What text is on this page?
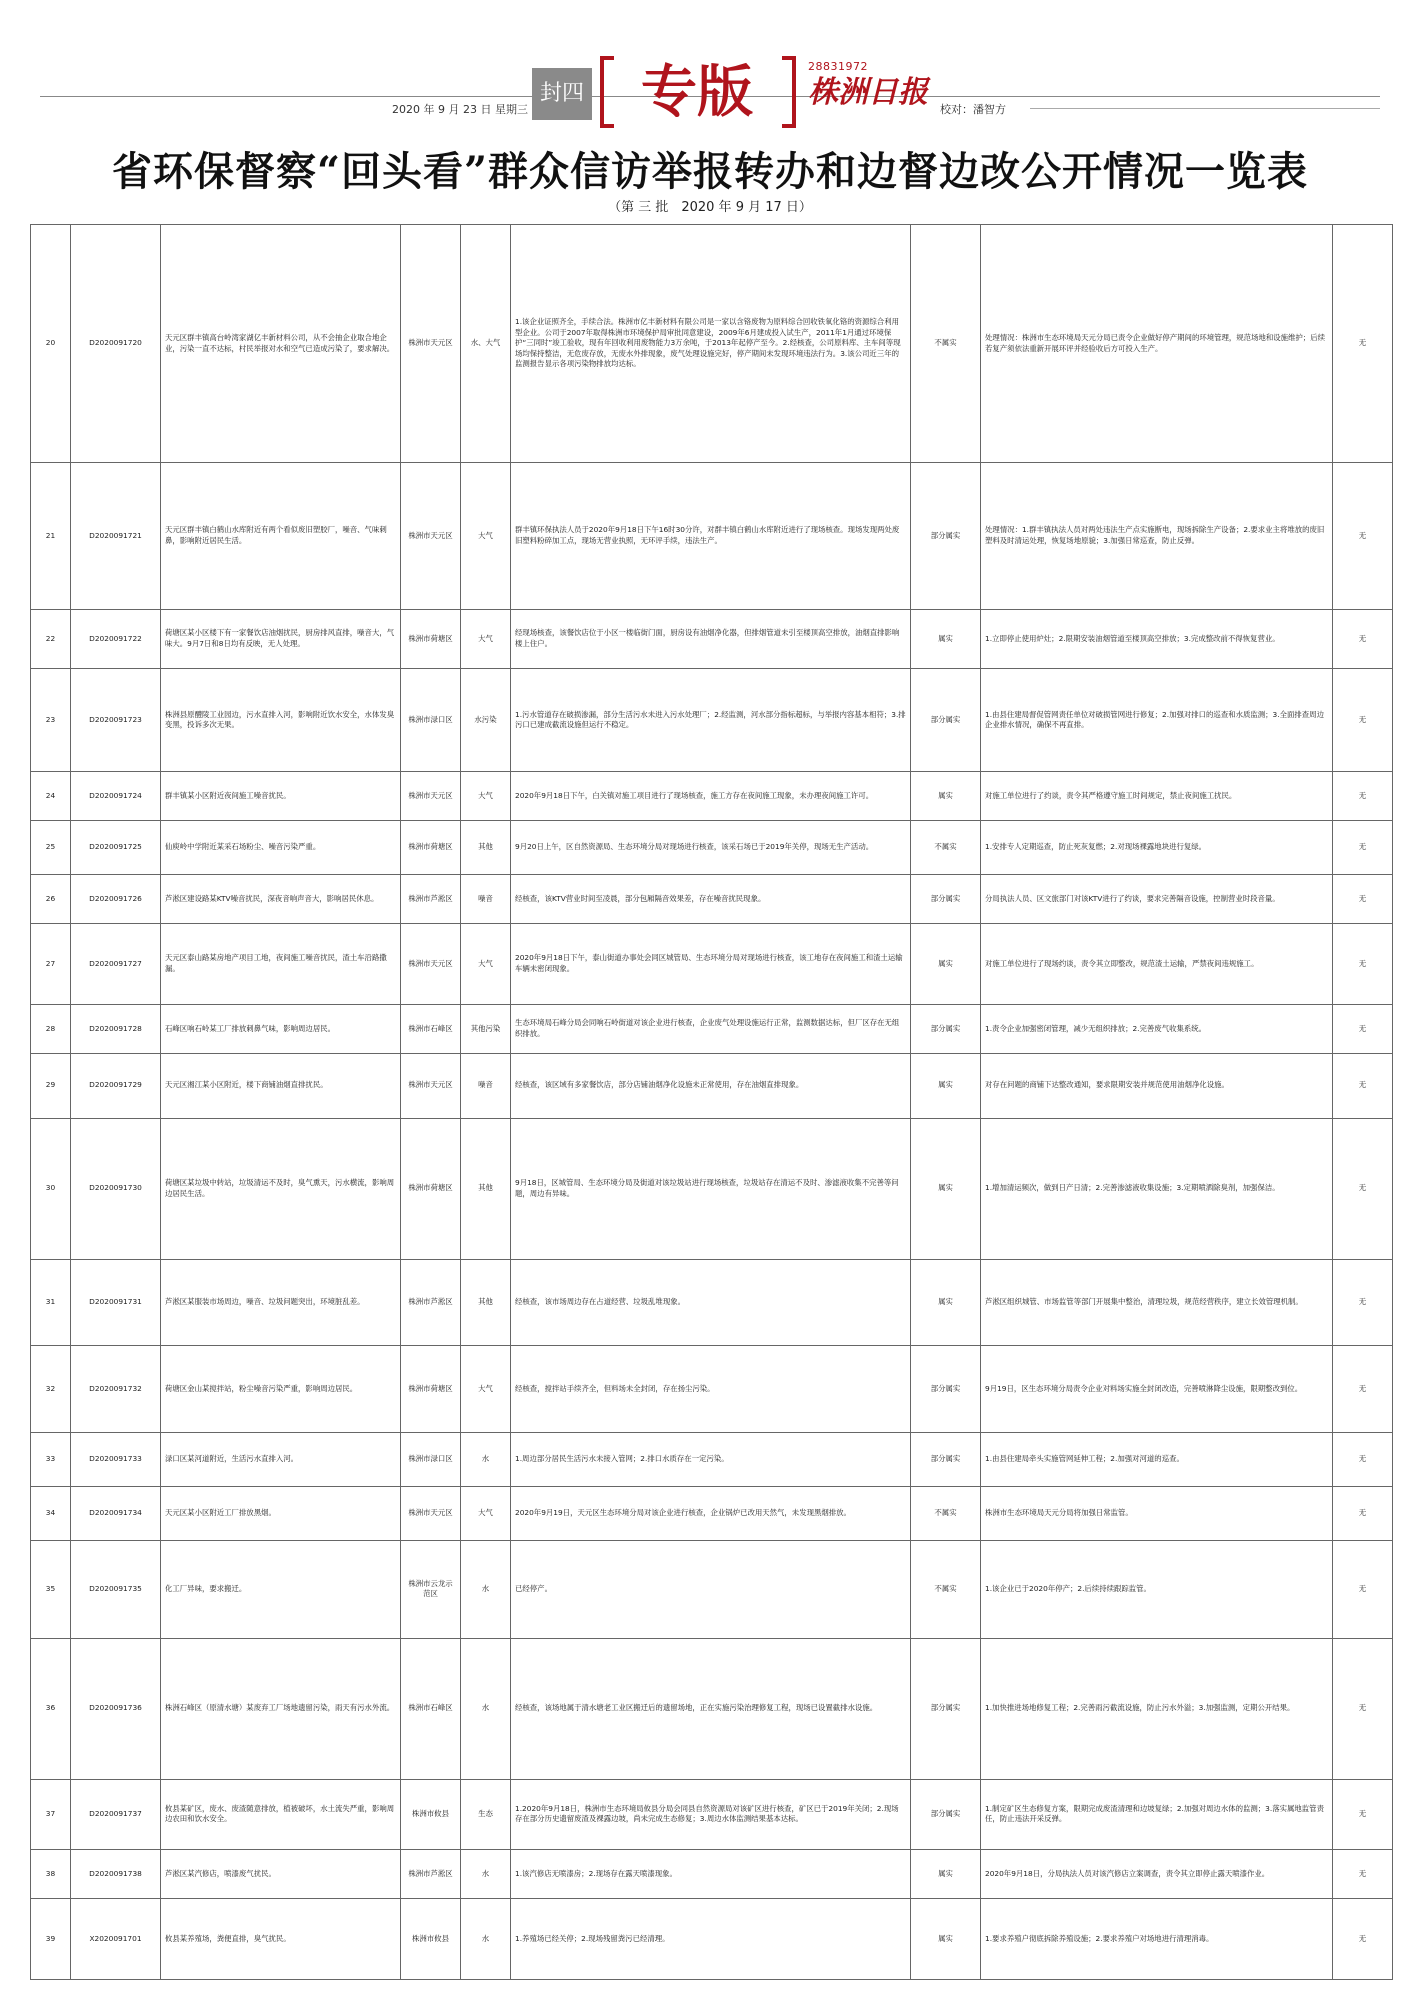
2020 年 9 月 23 日 星期三
封四	专版	28831972
株洲日报	校对：潘智方
省环保督察“回头看”群众信访举报转办和边督边改公开情况一览表
（第 三 批　2020 年 9 月 17 日）
20	D2020091720	天元区群丰镇高台岭湾家湖亿丰新材料公司，从不会抽企业取合地企业，污染一直不达标，村民举报对水和空气已造成污染了，要求解决。	株洲市天元区	水、大气	1.该企业证照齐全，手续合法。株洲市亿丰新材料有限公司是一家以含铬废物为原料综合回收铁氧化铬的资源综合利用型企业。公司于2007年取得株洲市环境保护局审批同意建设，2009年6月建成投入试生产，2011年1月通过环境保护“三同时”竣工验收，现有年回收利用废物能力3万余吨，于2013年起停产至今。2.经核查，公司原料库、主车间等现场均保持整洁，无危废存放，无废水外排现象，废气处理设施完好，停产期间未发现环境违法行为。3.该公司近三年的监测报告显示各项污染物排放均达标。	不属实	处理情况：株洲市生态环境局天元分局已责令企业做好停产期间的环境管理，规范场地和设施维护；后续若复产须依法重新开展环评并经验收后方可投入生产。	无
21	D2020091721	天元区群丰镇白鹤山水库附近有两个看似废旧塑胶厂，噪音、气味刺鼻，影响附近居民生活。	株洲市天元区	大气	群丰镇环保执法人员于2020年9月18日下午16时30分许，对群丰镇白鹤山水库附近进行了现场核查。现场发现两处废旧塑料粉碎加工点，现场无营业执照，无环评手续，违法生产。	部分属实	处理情况：1.群丰镇执法人员对两处违法生产点实施断电，现场拆除生产设备；2.要求业主将堆放的废旧塑料及时清运处理，恢复场地原貌；3.加强日常巡查，防止反弹。	无
22	D2020091722	荷塘区某小区楼下有一家餐饮店油烟扰民，厨房排风直排，噪音大，气味大。9月7日和8日均有反映，无人处理。	株洲市荷塘区	大气	经现场核查，该餐饮店位于小区一楼临街门面，厨房设有油烟净化器，但排烟管道未引至楼顶高空排放，油烟直排影响楼上住户。	属实	1.立即停止使用炉灶；2.限期安装油烟管道至楼顶高空排放；3.完成整改前不得恢复营业。	无
23	D2020091723	株洲县原醴陵工业园边，污水直排入河，影响附近饮水安全，水体发臭变黑，投诉多次无果。	株洲市渌口区	水污染	1.污水管道存在破损渗漏，部分生活污水未进入污水处理厂；2.经监测，河水部分指标超标，与举报内容基本相符；3.排污口已建成截流设施但运行不稳定。	部分属实	1.由县住建局督促管网责任单位对破损管网进行修复；2.加强对排口的巡查和水质监测；3.全面排查周边企业排水情况，确保不再直排。	无
24	D2020091724	群丰镇某小区附近夜间施工噪音扰民。	株洲市天元区	大气	2020年9月18日下午，白关镇对施工项目进行了现场核查，施工方存在夜间施工现象，未办理夜间施工许可。	属实	对施工单位进行了约谈，责令其严格遵守施工时间规定，禁止夜间施工扰民。	无
25	D2020091725	仙庾岭中学附近某采石场粉尘、噪音污染严重。	株洲市荷塘区	其他	9月20日上午，区自然资源局、生态环境分局对现场进行核查，该采石场已于2019年关停，现场无生产活动。	不属实	1.安排专人定期巡查，防止死灰复燃；2.对现场裸露地块进行复绿。	无
26	D2020091726	芦淞区建设路某KTV噪音扰民，深夜音响声音大，影响居民休息。	株洲市芦淞区	噪音	经核查，该KTV营业时间至凌晨，部分包厢隔音效果差，存在噪音扰民现象。	部分属实	分局执法人员、区文旅部门对该KTV进行了约谈，要求完善隔音设施，控制营业时段音量。	无
27	D2020091727	天元区泰山路某房地产项目工地，夜间施工噪音扰民，渣土车沿路撒漏。	株洲市天元区	大气	2020年9月18日下午，泰山街道办事处会同区城管局、生态环境分局对现场进行核查，该工地存在夜间施工和渣土运输车辆未密闭现象。	属实	对施工单位进行了现场约谈，责令其立即整改，规范渣土运输，严禁夜间违规施工。	无
28	D2020091728	石峰区响石岭某工厂排放刺鼻气味，影响周边居民。	株洲市石峰区	其他污染	生态环境局石峰分局会同响石岭街道对该企业进行核查，企业废气处理设施运行正常，监测数据达标，但厂区存在无组织排放。	部分属实	1.责令企业加强密闭管理，减少无组织排放；2.完善废气收集系统。	无
29	D2020091729	天元区湘江某小区附近，楼下商铺油烟直排扰民。	株洲市天元区	噪音	经核查，该区域有多家餐饮店，部分店铺油烟净化设施未正常使用，存在油烟直排现象。	属实	对存在问题的商铺下达整改通知，要求限期安装并规范使用油烟净化设施。	无
30	D2020091730	荷塘区某垃圾中转站，垃圾清运不及时，臭气熏天，污水横流，影响周边居民生活。	株洲市荷塘区	其他	9月18日，区城管局、生态环境分局及街道对该垃圾站进行现场核查，垃圾站存在清运不及时、渗滤液收集不完善等问题，周边有异味。	属实	1.增加清运频次，做到日产日清；2.完善渗滤液收集设施；3.定期喷洒除臭剂，加强保洁。	无
31	D2020091731	芦淞区某服装市场周边，噪音、垃圾问题突出，环境脏乱差。	株洲市芦淞区	其他	经核查，该市场周边存在占道经营、垃圾乱堆现象。	属实	芦淞区组织城管、市场监管等部门开展集中整治，清理垃圾，规范经营秩序，建立长效管理机制。	无
32	D2020091732	荷塘区金山某搅拌站，粉尘噪音污染严重，影响周边居民。	株洲市荷塘区	大气	经核查，搅拌站手续齐全，但料场未全封闭，存在扬尘污染。	部分属实	9月19日，区生态环境分局责令企业对料场实施全封闭改造，完善喷淋降尘设施，限期整改到位。	无
33	D2020091733	渌口区某河道附近，生活污水直排入河。	株洲市渌口区	水	1.周边部分居民生活污水未接入管网；2.排口水质存在一定污染。	部分属实	1.由县住建局牵头实施管网延伸工程；2.加强对河道的巡查。	无
34	D2020091734	天元区某小区附近工厂排放黑烟。	株洲市天元区	大气	2020年9月19日，天元区生态环境分局对该企业进行核查，企业锅炉已改用天然气，未发现黑烟排放。	不属实	株洲市生态环境局天元分局将加强日常监管。	无
35	D2020091735	化工厂异味，要求搬迁。	株洲市云龙示范区	水	已经停产。	不属实	1.该企业已于2020年停产；2.后续持续跟踪监管。	无
36	D2020091736	株洲石峰区（原清水塘）某废弃工厂场地遗留污染，雨天有污水外流。	株洲市石峰区	水	经核查，该场地属于清水塘老工业区搬迁后的遗留场地，正在实施污染治理修复工程，现场已设置截排水设施。	部分属实	1.加快推进场地修复工程；2.完善雨污截流设施，防止污水外溢；3.加强监测，定期公开结果。	无
37	D2020091737	攸县某矿区，废水、废渣随意排放，植被破坏，水土流失严重，影响周边农田和饮水安全。	株洲市攸县	生态	1.2020年9月18日，株洲市生态环境局攸县分局会同县自然资源局对该矿区进行核查，矿区已于2019年关闭；2.现场存在部分历史遗留废渣及裸露边坡，尚未完成生态修复；3.周边水体监测结果基本达标。	部分属实	1.制定矿区生态修复方案，限期完成废渣清理和边坡复绿；2.加强对周边水体的监测；3.落实属地监管责任，防止违法开采反弹。	无
38	D2020091738	芦淞区某汽修店，喷漆废气扰民。	株洲市芦淞区	水	1.该汽修店无喷漆房；2.现场存在露天喷漆现象。	属实	2020年9月18日，分局执法人员对该汽修店立案调查，责令其立即停止露天喷漆作业。	无
39	X2020091701	攸县某养殖场，粪便直排，臭气扰民。	株洲市攸县	水	1.养殖场已经关停；2.现场残留粪污已经清理。	属实	1.要求养殖户彻底拆除养殖设施；2.要求养殖户对场地进行清理消毒。	无
